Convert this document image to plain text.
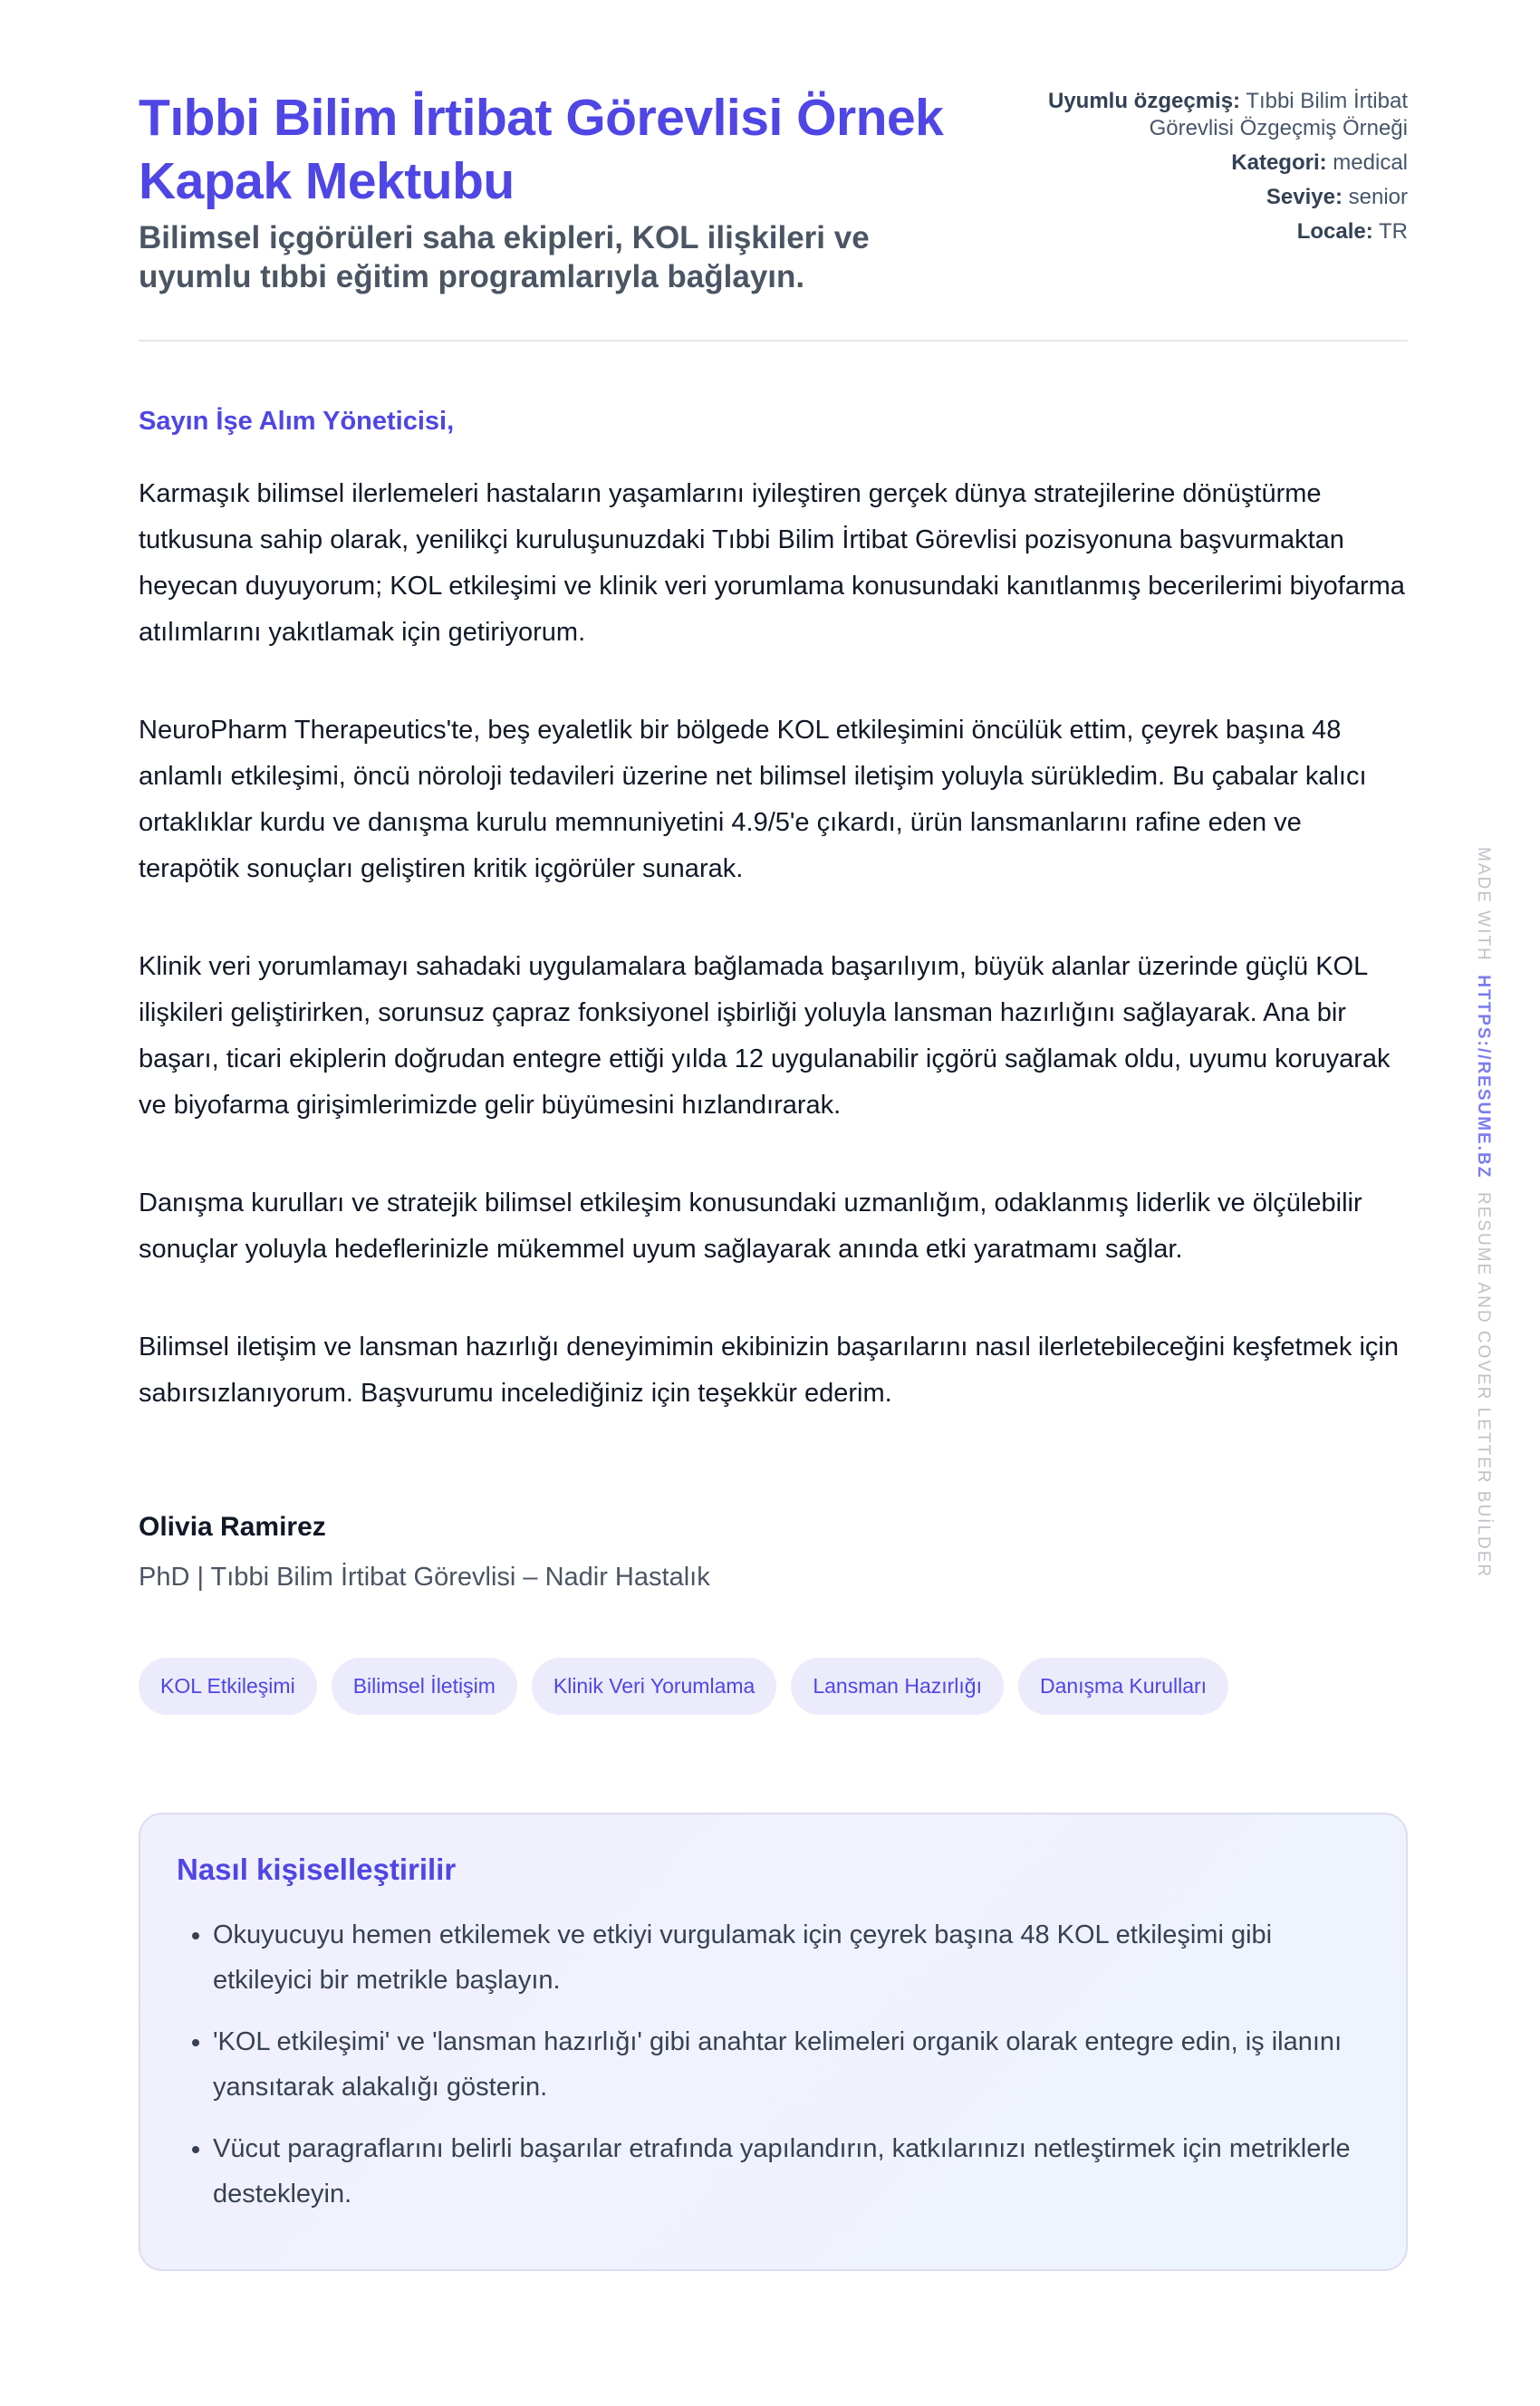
Tıbbi Bilim İrtibat Görevlisi Örnek Kapak Mektubu

Bilimsel içgörüleri saha ekipleri, KOL ilişkileri ve uyumlu tıbbi eğitim programlarıyla bağlayın.

Uyumlu özgeçmiş: Tıbbi Bilim İrtibat Görevlisi Özgeçmiş Örneği
Kategori: medical
Seviye: senior
Locale: TR
Sayın İşe Alım Yöneticisi,

Karmaşık bilimsel ilerlemeleri hastaların yaşamlarını iyileştiren gerçek dünya stratejilerine dönüştürme tutkusuna sahip olarak, yenilikçi kuruluşunuzdaki Tıbbi Bilim İrtibat Görevlisi pozisyonuna başvurmaktan heyecan duyuyorum; KOL etkileşimi ve klinik veri yorumlama konusundaki kanıtlanmış becerilerimi biyofarma atılımlarını yakıtlamak için getiriyorum.

NeuroPharm Therapeutics'te, beş eyaletlik bir bölgede KOL etkileşimini öncülük ettim, çeyrek başına 48 anlamlı etkileşimi, öncü nöroloji tedavileri üzerine net bilimsel iletişim yoluyla sürükledim. Bu çabalar kalıcı ortaklıklar kurdu ve danışma kurulu memnuniyetini 4.9/5'e çıkardı, ürün lansmanlarını rafine eden ve terapötik sonuçları geliştiren kritik içgörüler sunarak.

Klinik veri yorumlamayı sahadaki uygulamalara bağlamada başarılıyım, büyük alanlar üzerinde güçlü KOL ilişkileri geliştirirken, sorunsuz çapraz fonksiyonel işbirliği yoluyla lansman hazırlığını sağlayarak. Ana bir başarı, ticari ekiplerin doğrudan entegre ettiği yılda 12 uygulanabilir içgörü sağlamak oldu, uyumu koruyarak ve biyofarma girişimlerimizde gelir büyümesini hızlandırarak.

Danışma kurulları ve stratejik bilimsel etkileşim konusundaki uzmanlığım, odaklanmış liderlik ve ölçülebilir sonuçlar yoluyla hedeflerinizle mükemmel uyum sağlayarak anında etki yaratmamı sağlar.

Bilimsel iletişim ve lansman hazırlığı deneyimimin ekibinizin başarılarını nasıl ilerletebileceğini keşfetmek için sabırsızlanıyorum. Başvurumu incelediğiniz için teşekkür ederim.

Olivia Ramirez
PhD | Tıbbi Bilim İrtibat Görevlisi – Nadir Hastalık
KOL Etkileşimi	Bilimsel İletişim	Klinik Veri Yorumlama	Lansman Hazırlığı	Danışma Kurulları
Nasıl kişiselleştirilir
• Okuyucuyu hemen etkilemek ve etkiyi vurgulamak için çeyrek başına 48 KOL etkileşimi gibi etkileyici bir metrikle başlayın.
• 'KOL etkileşimi' ve 'lansman hazırlığı' gibi anahtar kelimeleri organik olarak entegre edin, iş ilanını yansıtarak alakalığı gösterin.
• Vücut paragraflarını belirli başarılar etrafında yapılandırın, katkılarınızı netleştirmek için metriklerle destekleyin.
MADE WITH  HTTPS://RESUME.BZ  RESUME AND COVER LETTER BUİLDER
